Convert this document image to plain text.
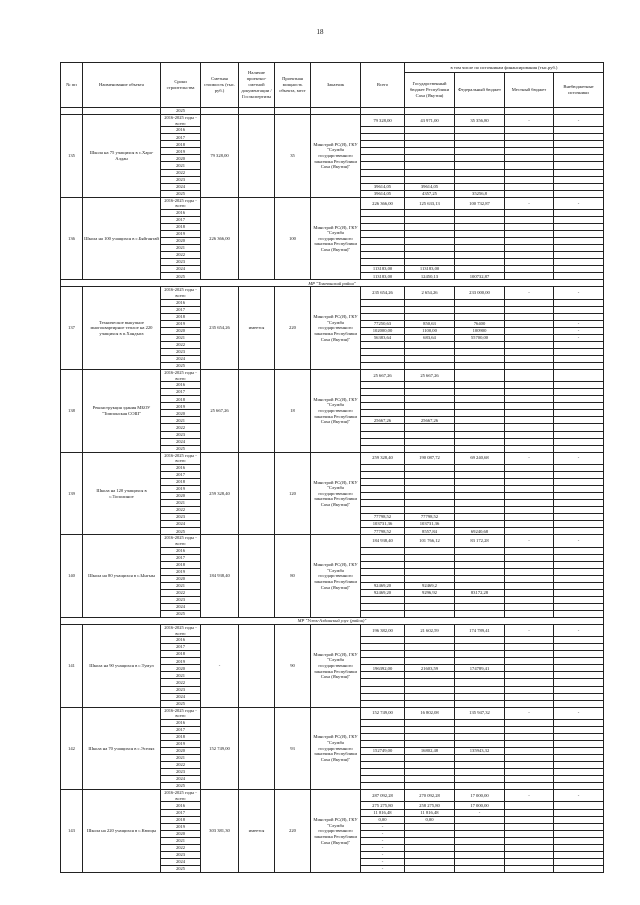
18
№ пп	Наименование объекта	Сроки строительства	Сметная стоимость (тыс. руб.)	Наличие проектно-сметной документации / Госэкспертизы	Проектная мощность объекта, мест	Заказчик	Всего	в том числе по источникам финансирования (тыс.руб.)			
								Государственный бюджет Республики Саха (Якутия)	Федеральный бюджет	Местный бюджет	Внебюджетные источники
		2025									
135	Школа на 75 учащихся в с.Хара-Алдан	2016-2025 годы - всего	79 328,00		35	Минстрой РС(Я), ГКУ "Служба государственного заказчика Республики Саха (Якутия)"	79 328,00	43 971,00	35 356,80	-	-
		2016									
		2017									
		2018									
		2019									
		2020									
		2021									
		2022									
		2023									
		2024					39614,05	39614,05			
		2025					39614,05	4357,25	35256,8		
136	Школа на 100 учащихся в с.Бяйгантай	2016-2025 годы - всего	226 366,00		100	Минстрой РС(Я), ГКУ "Служба государственного заказчика Республики Саха (Якутия)"	226 366,00	125 633,13	100 732,87	-	-
		2016									
		2017									
		2018									
		2019									
		2020									
		2021									
		2022									
		2023									
		2024					113183,00	113183,00			
		2025					113183,00	12450,13	100732,87		
МР "Томпонский район"											
137	Техническое выкупное многоквартирное теплое на 220 учащихся в п.Хандыга	2016-2025 годы - всего	235 654,26	имеется	220	Минстрой РС(Я), ГКУ "Служба государственного заказчика Республики Саха (Якутия)"	235 654,26	2 654,26	233 000,00	-	-
		2016									
		2017									
		2018									
		2019					77250,63	850,63	76400		-
		2020					102000,00	1100,00	100900		-
		2021					56383,64	683,64	55700,00		-
		2022									
		2023									
		2024									
		2025									
138	Реконструкция здания МБОУ "Томпонская СОШ"	2016-2025 годы - всего	25 667,26		18	Минстрой РС(Я), ГКУ "Служба государственного заказчика Республики Саха (Якутия)"	25 667,26	25 667,26			
		2016									
		2017									
		2018									
		2019									
		2020									
		2021					25667,26	25667,26			
		2022									
		2023									
		2024									
		2025									
139	Школа на 120 учащихся в с.Тополиное	2016-2025 годы - всего	259 328,40		120	Минстрой РС(Я), ГКУ "Служба государственного заказчика Республики Саха (Якутия)"	259 328,40	190 087,72	69 240,68	-	-
		2016									
		2017									
		2018									
		2019									
		2020									
		2021									
		2022									
		2023					77798,52	77798,52			
		2024					103731,36	103731,36			
		2025					77798,52	8557,84	69240,68		
140	Школа на 80 учащихся в с.Ынгыы	2016-2025 годы - всего	184 938,40		80	Минстрой РС(Я), ГКУ "Служба государственного заказчика Республики Саха (Якутия)"	184 938,40	101 766,12	83 172,28	-	-
		2016									
		2017									
		2018									
		2019									
		2020									
		2021					92469,20	92469,2			
		2022					92469,20	9296,92	83172,28		
		2023									
		2024									
		2025									
МР "Усть-Алданский улус (район)"											
141	Школа на 90 учащихся в с.Тумул	2016-2025 годы - всего	-		90	Минстрой РС(Я), ГКУ "Служба государственного заказчика Республики Саха (Якутия)"	196 382,00	21 602,59	174 789,41	-	-
		2016									
		2017									
		2018									
		2019									
		2020					196392,00	21603,59	174789,41		
		2021									
		2022									
		2023									
		2024									
		2025									
142	Школа на 70 учащихся в с.Эселях	2016-2025 годы - всего	152 749,00		93	Минстрой РС(Я), ГКУ "Служба государственного заказчика Республики Саха (Якутия)"	152 749,00	16 802,08	135 947,32	-	-
		2016									
		2017									
		2018									
		2019									
		2020					152749,00	16802,48	135943,32		
		2021									
		2022									
		2023									
		2024									
		2025									
143	Школа на 220 учащихся в с.Кюпцы	2016-2025 годы - всего	303 381,30	имеется	220	Минстрой РС(Я), ГКУ "Служба государственного заказчика Республики Саха (Якутия)"	287 092,28	270 092,28	17 000,00	-	-
		2016					275 275,80	258 275,80	17 000,00		
		2017					11 816,48	11 816,48	-		
		2018					0,00	0,00			
		2019					-				
		2020					-				
		2021					-				
		2022					-				
		2023					-				
		2024					-				
		2025					-				
